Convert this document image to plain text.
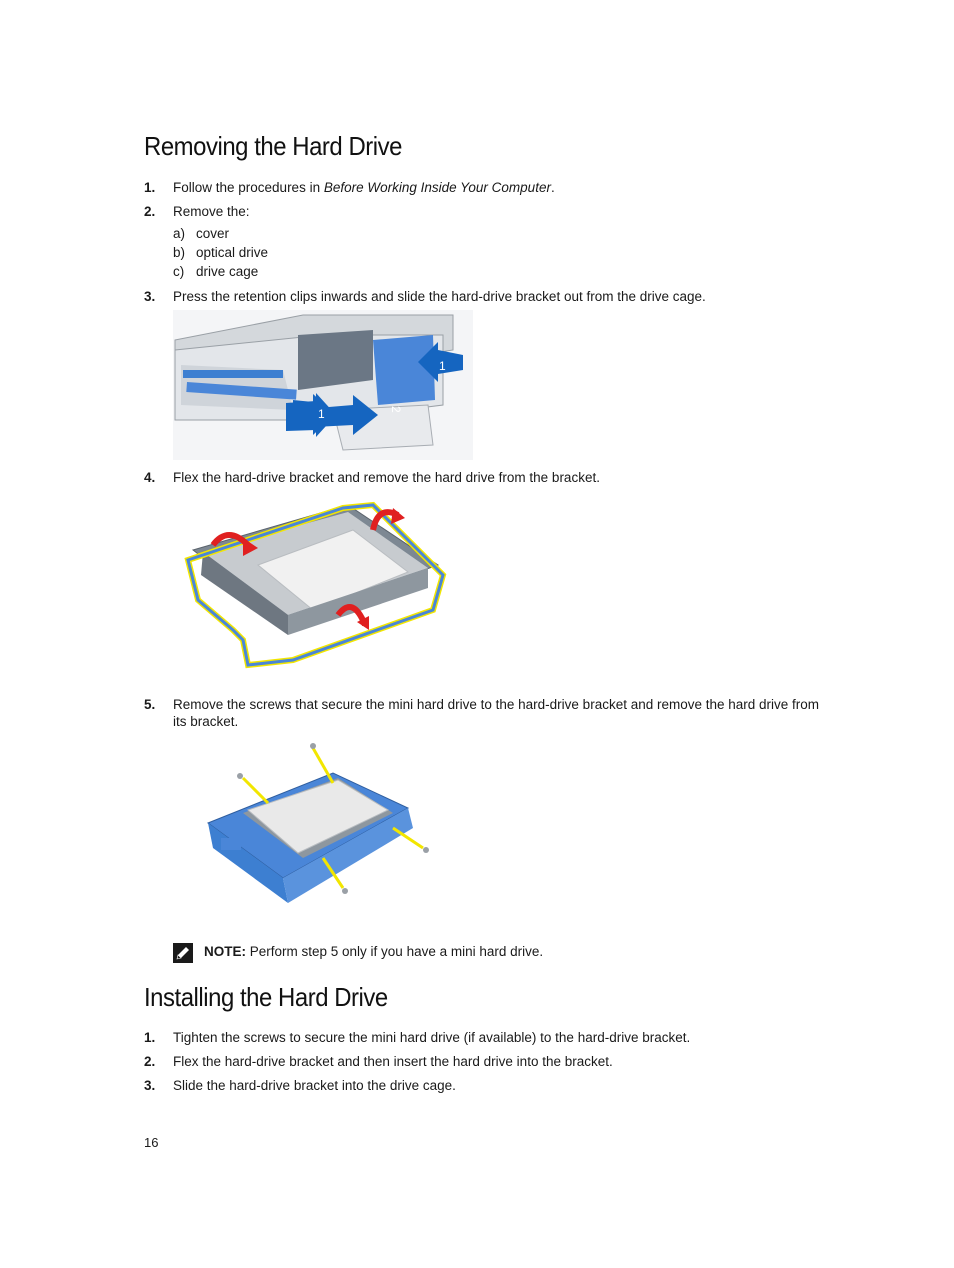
Removing the Hard Drive
1. Follow the procedures in Before Working Inside Your Computer.
2. Remove the:
a) cover
b) optical drive
c) drive cage
3. Press the retention clips inwards and slide the hard-drive bracket out from the drive cage.
1
2
1
4. Flex the hard-drive bracket and remove the hard drive from the bracket.
5. Remove the screws that secure the mini hard drive to the hard-drive bracket and remove the hard drive from its bracket.
NOTE: Perform step 5 only if you have a mini hard drive.
Installing the Hard Drive
1. Tighten the screws to secure the mini hard drive (if available) to the hard-drive bracket.
2. Flex the hard-drive bracket and then insert the hard drive into the bracket.
3. Slide the hard-drive bracket into the drive cage.
16
